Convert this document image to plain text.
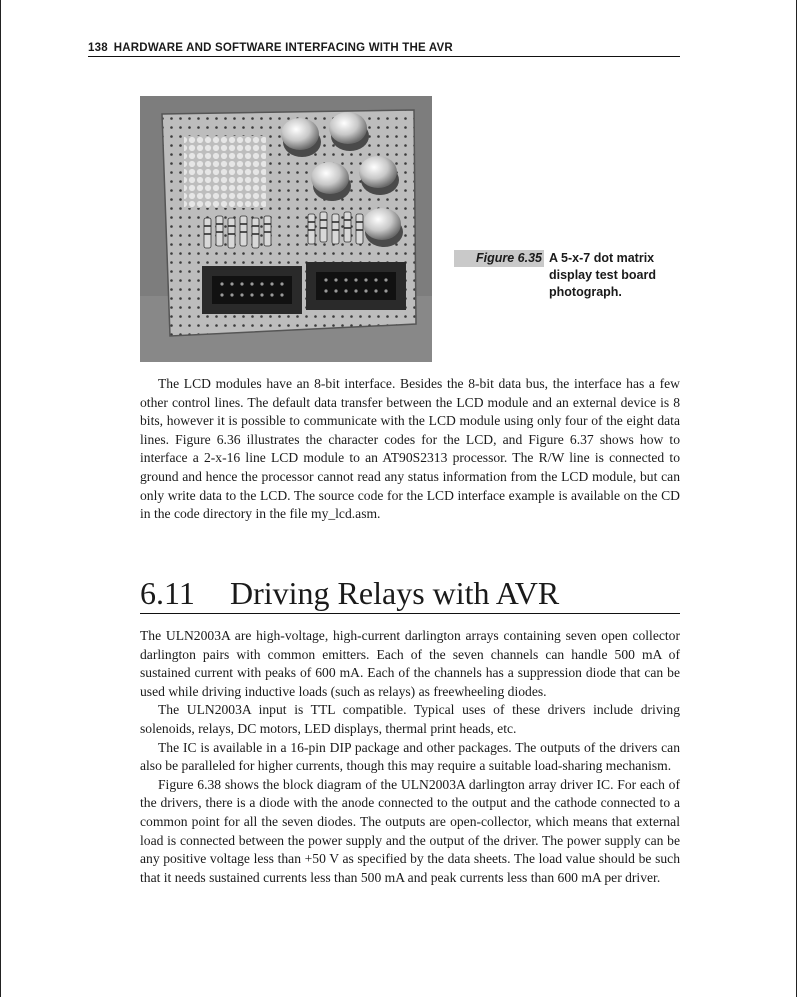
138 HARDWARE AND SOFTWARE INTERFACING WITH THE AVR
Figure 6.35 A 5-x-7 dot matrix display test board photograph.

The LCD modules have an 8-bit interface. Besides the 8-bit data bus, the interface has a few other control lines. The default data transfer between the LCD module and an external device is 8 bits, however it is possible to communicate with the LCD module using only four of the eight data lines. Figure 6.36 illustrates the character codes for the LCD, and Figure 6.37 shows how to interface a 2-x-16 line LCD module to an AT90S2313 processor. The R/W line is connected to ground and hence the processor cannot read any status information from the LCD module, but can only write data to the LCD. The source code for the LCD interface example is available on the CD in the code directory in the file my_lcd.asm.

6.11 Driving Relays with AVR

The ULN2003A are high-voltage, high-current darlington arrays containing seven open collector darlington pairs with common emitters. Each of the seven channels can handle 500 mA of sustained current with peaks of 600 mA. Each of the channels has a suppression diode that can be used while driving inductive loads (such as relays) as freewheeling diodes.

The ULN2003A input is TTL compatible. Typical uses of these drivers include driving solenoids, relays, DC motors, LED displays, thermal print heads, etc.

The IC is available in a 16-pin DIP package and other packages. The outputs of the drivers can also be paralleled for higher currents, though this may require a suitable load-sharing mechanism.

Figure 6.38 shows the block diagram of the ULN2003A darlington array driver IC. For each of the drivers, there is a diode with the anode connected to the output and the cathode connected to a common point for all the seven diodes. The outputs are open-collector, which means that external load is connected between the power supply and the output of the driver. The power supply can be any positive voltage less than +50 V as specified by the data sheets. The load value should be such that it needs sustained currents less than 500 mA and peak currents less than 600 mA per driver.
